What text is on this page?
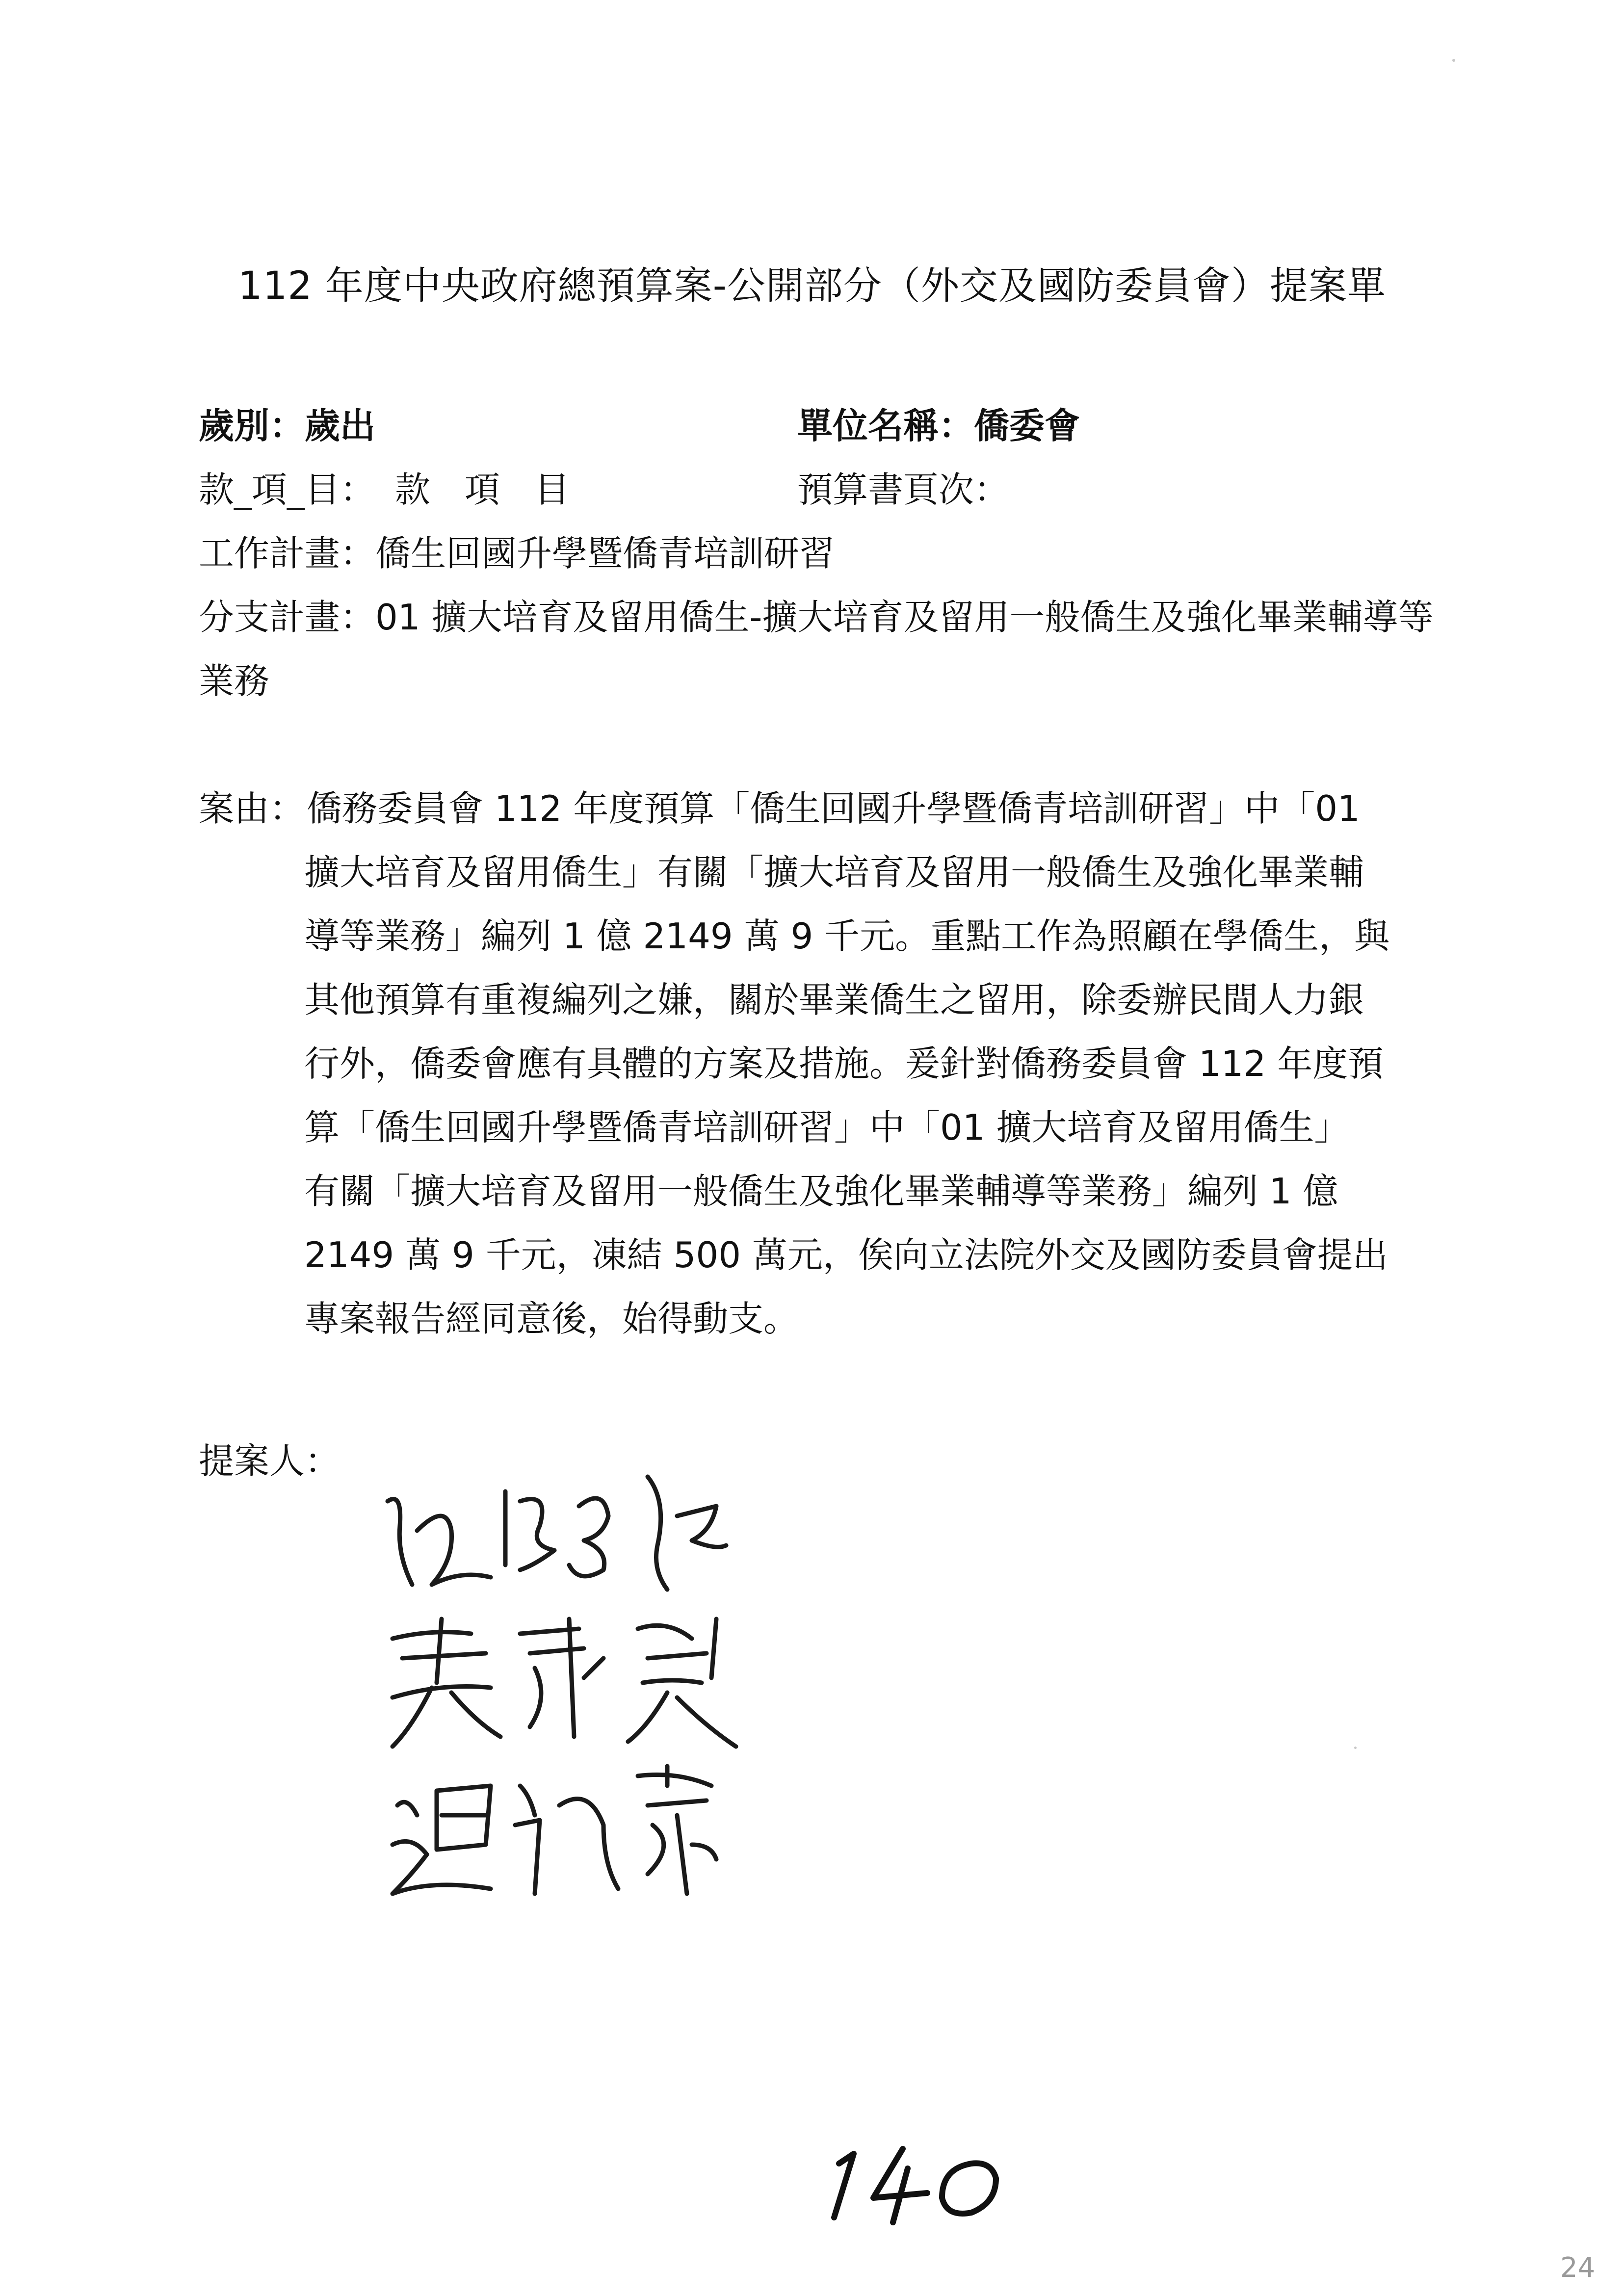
112 年度中央政府總預算案-公開部分（外交及國防委員會）提案單
歲別：歲出	單位名稱：僑委會
款_項_目： 款 項 目	預算書頁次：
工作計畫：僑生回國升學暨僑青培訓研習
分支計畫：01 擴大培育及留用僑生-擴大培育及留用一般僑生及強化畢業輔導等
業務
案由： 僑務委員會 112 年度預算「僑生回國升學暨僑青培訓研習」中「01
擴大培育及留用僑生」有關「擴大培育及留用一般僑生及強化畢業輔
導等業務」編列 1 億 2149 萬 9 千元。重點工作為照顧在學僑生，與
其他預算有重複編列之嫌，關於畢業僑生之留用，除委辦民間人力銀
行外，僑委會應有具體的方案及措施。爰針對僑務委員會 112 年度預
算「僑生回國升學暨僑青培訓研習」中「01 擴大培育及留用僑生」
有關「擴大培育及留用一般僑生及強化畢業輔導等業務」編列 1 億
2149 萬 9 千元，凍結 500 萬元，俟向立法院外交及國防委員會提出
專案報告經同意後，始得動支。
提案人：
140
24
